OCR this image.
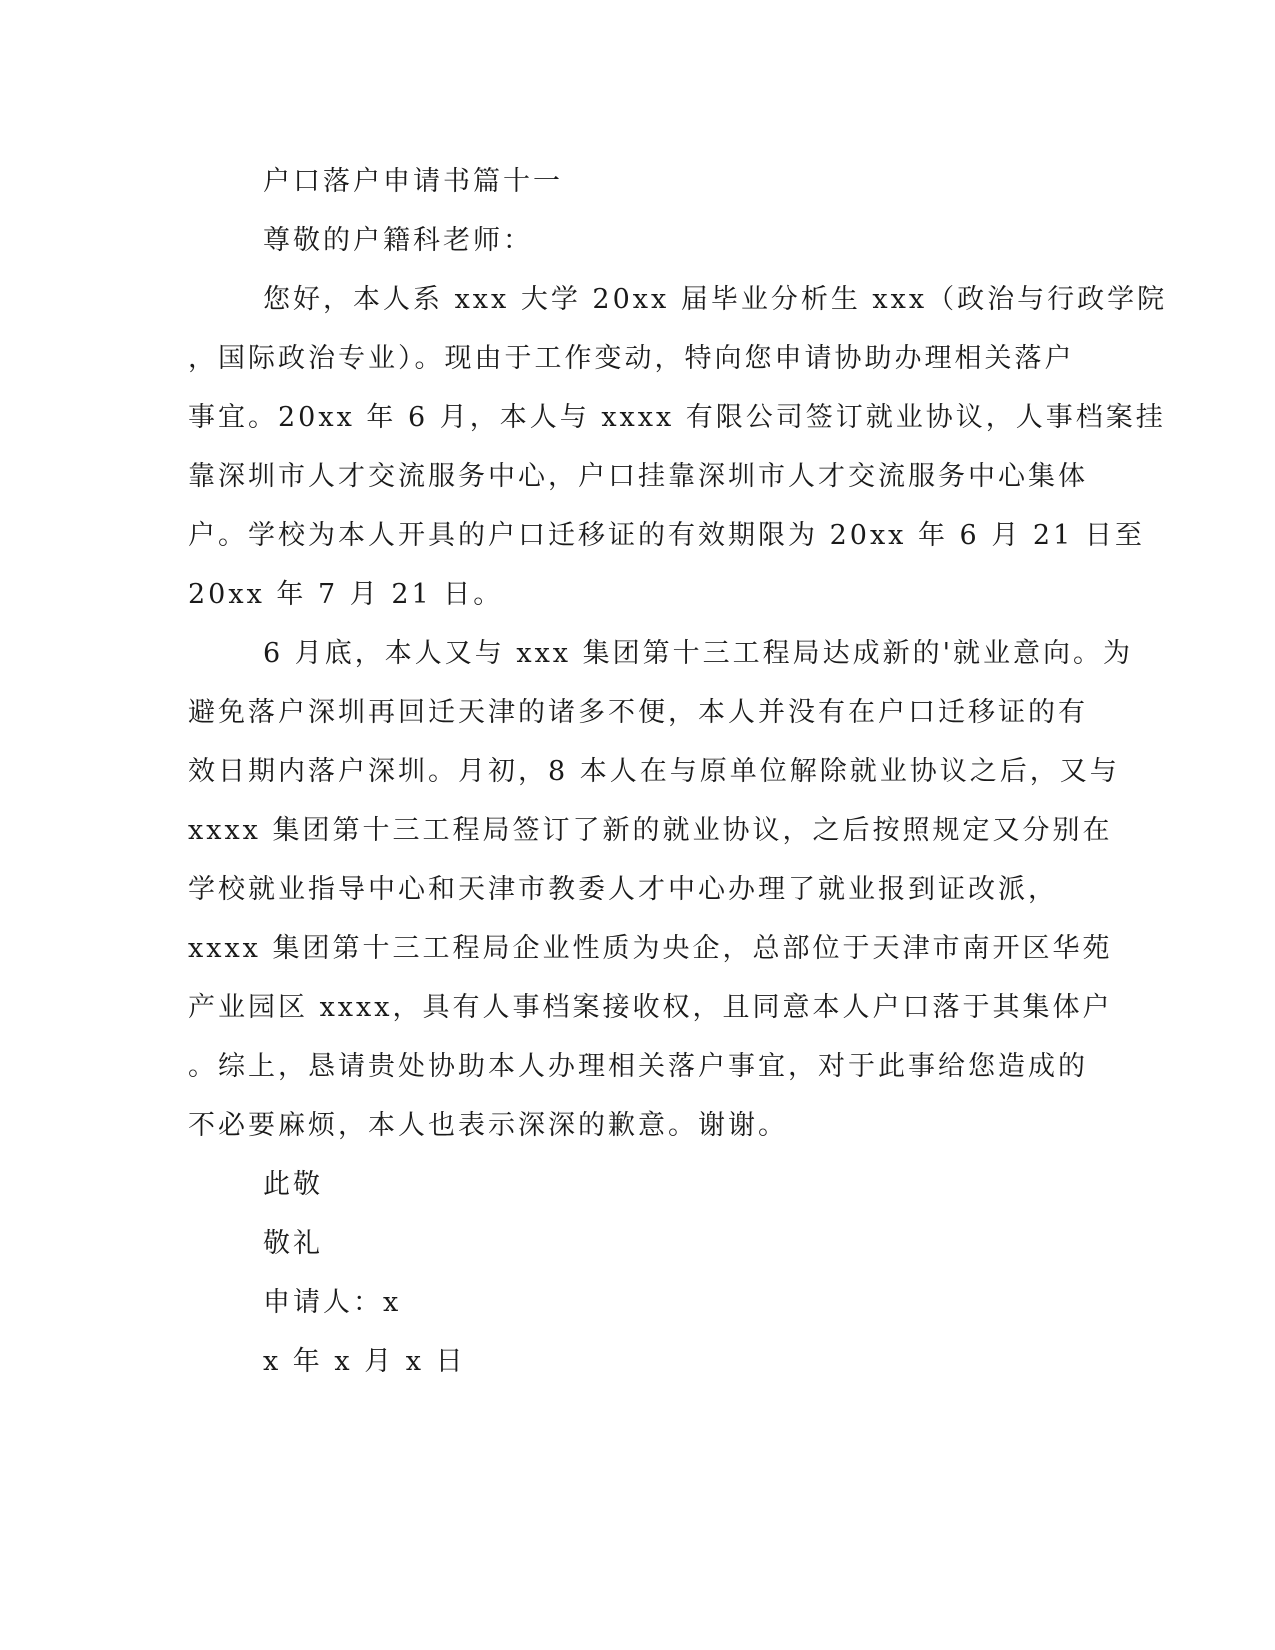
户口落户申请书篇十一
尊敬的户籍科老师：
您好，本人系 xxx 大学 20xx 届毕业分析生 xxx（政治与行政学院
，国际政治专业）。现由于工作变动，特向您申请协助办理相关落户
事宜。20xx 年 6 月，本人与 xxxx 有限公司签订就业协议，人事档案挂
靠深圳市人才交流服务中心，户口挂靠深圳市人才交流服务中心集体
户。学校为本人开具的户口迁移证的有效期限为 20xx 年 6 月 21 日至
20xx 年 7 月 21 日。
6 月底，本人又与 xxx 集团第十三工程局达成新的'就业意向。为
避免落户深圳再回迁天津的诸多不便，本人并没有在户口迁移证的有
效日期内落户深圳。月初，8 本人在与原单位解除就业协议之后，又与
xxxx 集团第十三工程局签订了新的就业协议，之后按照规定又分别在
学校就业指导中心和天津市教委人才中心办理了就业报到证改派，
xxxx 集团第十三工程局企业性质为央企，总部位于天津市南开区华苑
产业园区 xxxx，具有人事档案接收权，且同意本人户口落于其集体户
。综上，恳请贵处协助本人办理相关落户事宜，对于此事给您造成的
不必要麻烦，本人也表示深深的歉意。谢谢。
此敬
敬礼
申请人：x
x 年 x 月 x 日
